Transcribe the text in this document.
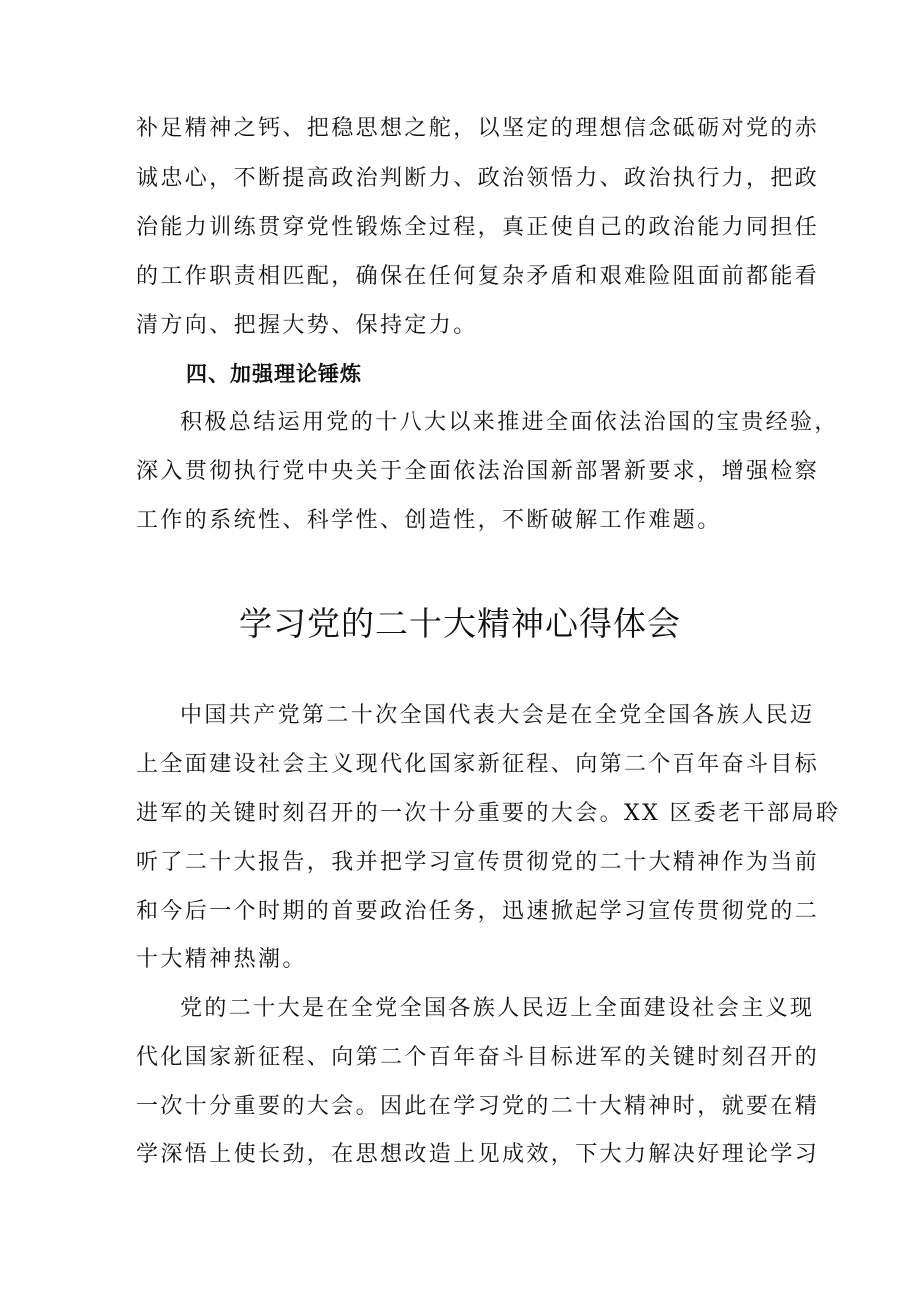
补足精神之钙、把稳思想之舵，以坚定的理想信念砥砺对党的赤
诚忠心，不断提高政治判断力、政治领悟力、政治执行力，把政
治能力训练贯穿党性锻炼全过程，真正使自己的政治能力同担任
的工作职责相匹配，确保在任何复杂矛盾和艰难险阻面前都能看
清方向、把握大势、保持定力。
四、加强理论锤炼
积极总结运用党的十八大以来推进全面依法治国的宝贵经验，
深入贯彻执行党中央关于全面依法治国新部署新要求，增强检察
工作的系统性、科学性、创造性，不断破解工作难题。
学习党的二十大精神心得体会
中国共产党第二十次全国代表大会是在全党全国各族人民迈
上全面建设社会主义现代化国家新征程、向第二个百年奋斗目标
进军的关键时刻召开的一次十分重要的大会。XX 区委老干部局聆
听了二十大报告，我并把学习宣传贯彻党的二十大精神作为当前
和今后一个时期的首要政治任务，迅速掀起学习宣传贯彻党的二
十大精神热潮。
党的二十大是在全党全国各族人民迈上全面建设社会主义现
代化国家新征程、向第二个百年奋斗目标进军的关键时刻召开的
一次十分重要的大会。因此在学习党的二十大精神时，就要在精
学深悟上使长劲，在思想改造上见成效，下大力解决好理论学习
